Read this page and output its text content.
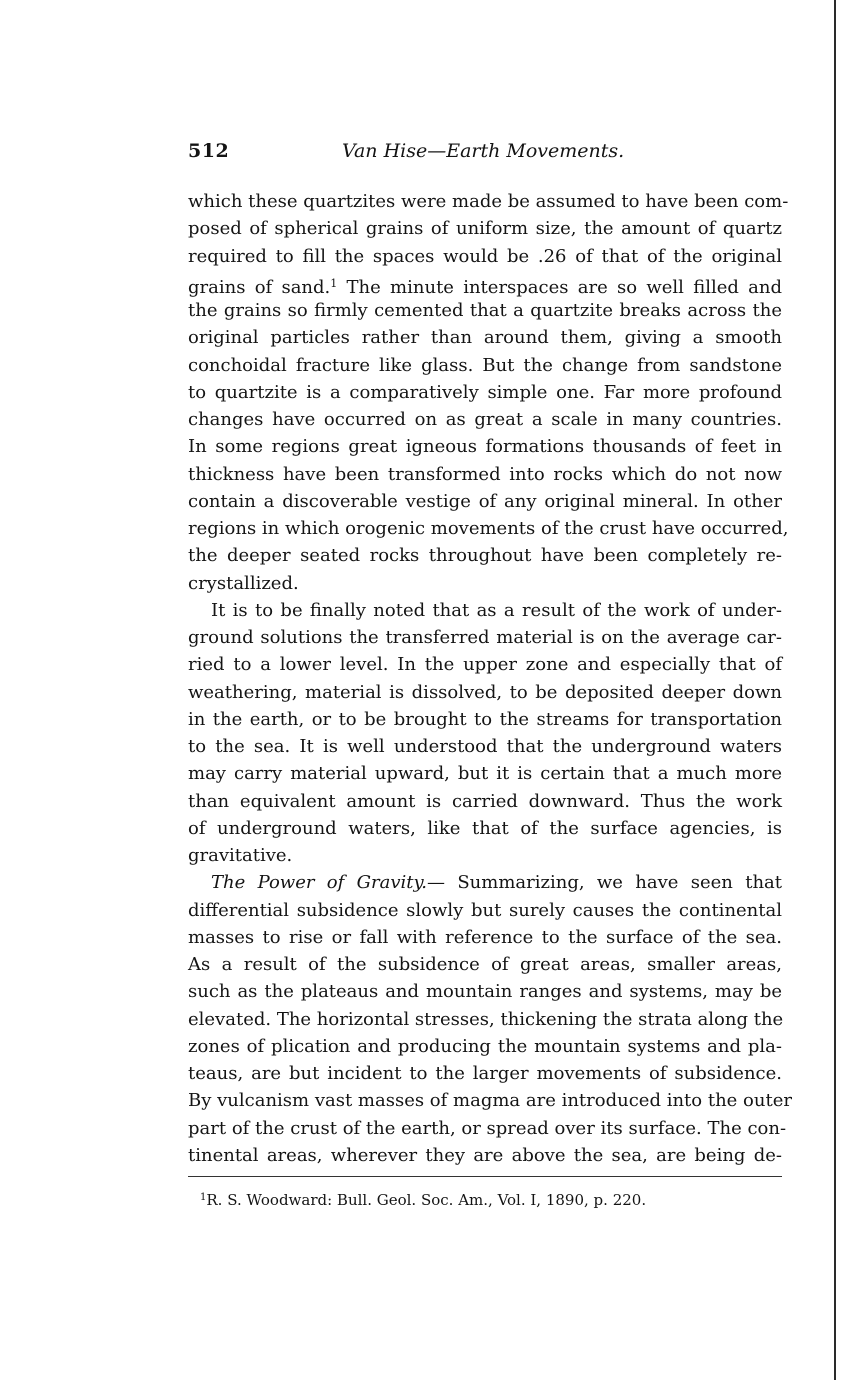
512	Van Hise—Earth Movements.
which these quartzites were made be assumed to have been com-
posed of spherical grains of uniform size, the amount of quartz
required to fill the spaces would be .26 of that of the original
grains of sand.$^1$ The minute interspaces are so well filled and
the grains so firmly cemented that a quartzite breaks across the
original particles rather than around them, giving a smooth
conchoidal fracture like glass. But the change from sandstone
to quartzite is a comparatively simple one. Far more profound
changes have occurred on as great a scale in many countries.
In some regions great igneous formations thousands of feet in
thickness have been transformed into rocks which do not now
contain a discoverable vestige of any original mineral. In other
regions in which orogenic movements of the crust have occurred,
the deeper seated rocks throughout have been completely re-
crystallized.
It is to be finally noted that as a result of the work of under-
ground solutions the transferred material is on the average car-
ried to a lower level. In the upper zone and especially that of
weathering, material is dissolved, to be deposited deeper down
in the earth, or to be brought to the streams for transportation
to the sea. It is well understood that the underground waters
may carry material upward, but it is certain that a much more
than equivalent amount is carried downward. Thus the work
of underground waters, like that of the surface agencies, is
gravitative.
The Power of Gravity.— Summarizing, we have seen that
differential subsidence slowly but surely causes the continental
masses to rise or fall with reference to the surface of the sea.
As a result of the subsidence of great areas, smaller areas,
such as the plateaus and mountain ranges and systems, may be
elevated. The horizontal stresses, thickening the strata along the
zones of plication and producing the mountain systems and pla-
teaus, are but incident to the larger movements of subsidence.
By vulcanism vast masses of magma are introduced into the outer
part of the crust of the earth, or spread over its surface. The con-
tinental areas, wherever they are above the sea, are being de-
$^1$R. S. Woodward: Bull. Geol. Soc. Am., Vol. I, 1890, p. 220.
